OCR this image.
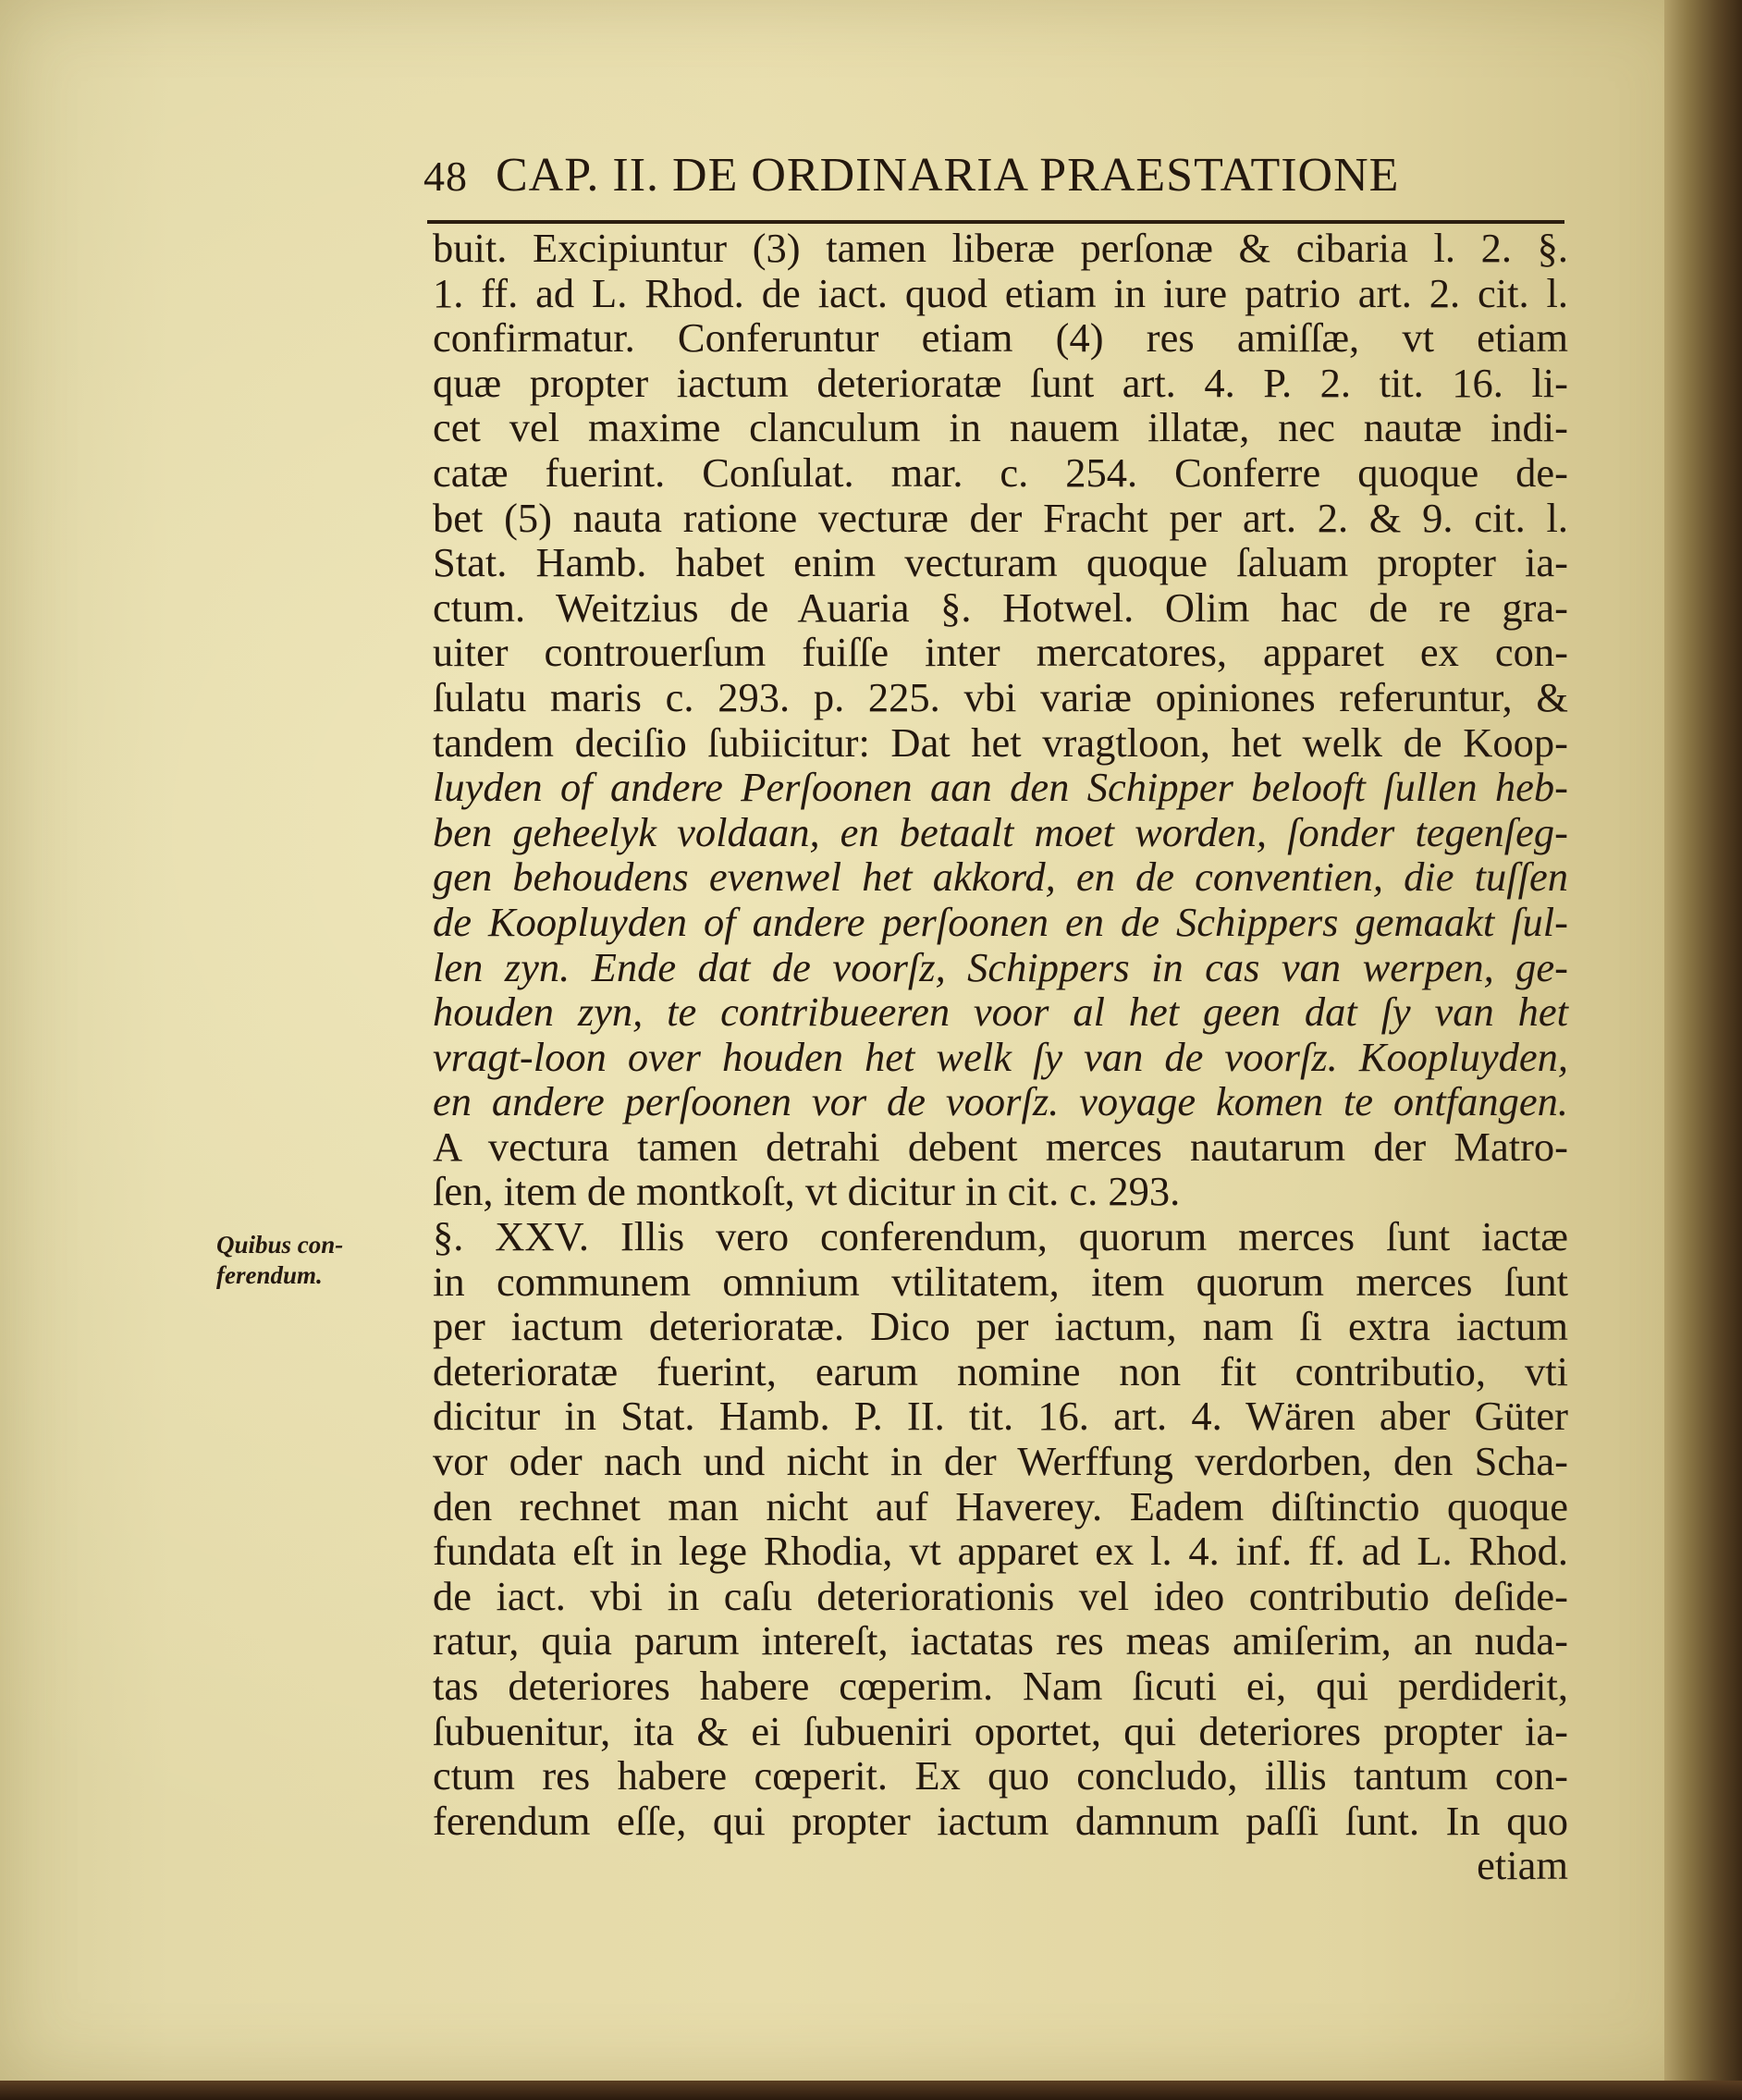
48 CAP. II. DE ORDINARIA PRAESTATIONE
Quibus con-
ferendum.
buit. Excipiuntur (3) tamen liberæ perſonæ & cibaria l. 2. §.
1. ff. ad L. Rhod. de iact. quod etiam in iure patrio art. 2. cit. l.
confirmatur. Conferuntur etiam (4) res amiſſæ, vt etiam
quæ propter iactum deterioratæ ſunt art. 4. P. 2. tit. 16. li-
cet vel maxime clanculum in nauem illatæ, nec nautæ indi-
catæ fuerint. Conſulat. mar. c. 254. Conferre quoque de-
bet (5) nauta ratione vecturæ der Fracht per art. 2. & 9. cit. l.
Stat. Hamb. habet enim vecturam quoque ſaluam propter ia-
ctum. Weitzius de Auaria §. Hotwel. Olim hac de re gra-
uiter controuerſum fuiſſe inter mercatores, apparet ex con-
ſulatu maris c. 293. p. 225. vbi variæ opiniones referuntur, &
tandem deciſio ſubiicitur: Dat het vragtloon, het welk de Koop-
luyden of andere Perſoonen aan den Schipper belooft ſullen heb-
ben geheelyk voldaan, en betaalt moet worden, ſonder tegenſeg-
gen behoudens evenwel het akkord, en de conventien, die tuſſen
de Koopluyden of andere perſoonen en de Schippers gemaakt ſul-
len zyn. Ende dat de voorſz, Schippers in cas van werpen, ge-
houden zyn, te contribueeren voor al het geen dat ſy van het
vragt-loon over houden het welk ſy van de voorſz. Koopluyden,
en andere perſoonen vor de voorſz. voyage komen te ontfangen.
A vectura tamen detrahi debent merces nautarum der Matro-
ſen, item de montkoſt, vt dicitur in cit. c. 293.
§. XXV. Illis vero conferendum, quorum merces ſunt iactæ
in communem omnium vtilitatem, item quorum merces ſunt
per iactum deterioratæ. Dico per iactum, nam ſi extra iactum
deterioratæ fuerint, earum nomine non fit contributio, vti
dicitur in Stat. Hamb. P. II. tit. 16. art. 4. Wären aber Güter
vor oder nach und nicht in der Werffung verdorben, den Scha-
den rechnet man nicht auf Haverey. Eadem diſtinctio quoque
fundata eſt in lege Rhodia, vt apparet ex l. 4. inf. ff. ad L. Rhod.
de iact. vbi in caſu deteriorationis vel ideo contributio deſide-
ratur, quia parum intereſt, iactatas res meas amiſerim, an nuda-
tas deteriores habere cœperim. Nam ſicuti ei, qui perdiderit,
ſubuenitur, ita & ei ſubueniri oportet, qui deteriores propter ia-
ctum res habere cœperit. Ex quo concludo, illis tantum con-
ferendum eſſe, qui propter iactum damnum paſſi ſunt. In quo
etiam
